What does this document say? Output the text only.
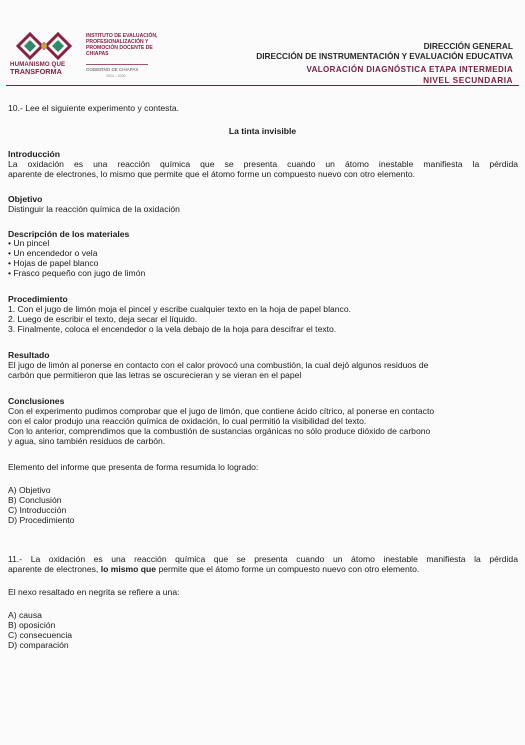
HUMANISMO QUE
TRANSFORMA
INSTITUTO DE EVALUACIÓN, PROFESIONALIZACIÓN Y PROMOCIÓN DOCENTE DE CHIAPAS
GOBIERNO DE CHIAPAS
2024 – 2030
DIRECCIÓN GENERAL
DIRECCIÓN DE INSTRUMENTACIÓN Y EVALUACIÓN EDUCATIVA
VALORACIÓN DIAGNÓSTICA ETAPA INTERMEDIA
NIVEL SECUNDARIA
10.- Lee el siguiente experimento y contesta.
La tinta invisible
Introducción
La oxidación es una reacción química que se presenta cuando un átomo inestable manifiesta la pérdida
aparente de electrones, lo mismo que permite que el átomo forme un compuesto nuevo con otro elemento.
Objetivo
Distinguir la reacción química de la oxidación
Descripción de los materiales
• Un pincel
• Un encendedor o vela
• Hojas de papel blanco
• Frasco pequeño con jugo de limón
Procedimiento
1. Con el jugo de limón moja el pincel y escribe cualquier texto en la hoja de papel blanco.
2. Luego de escribir el texto, deja secar el líquido.
3. Finalmente, coloca el encendedor o la vela debajo de la hoja para descifrar el texto.
Resultado
El jugo de limón al ponerse en contacto con el calor provocó una combustión, la cual dejó algunos residuos de
carbón que permitieron que las letras se oscurecieran y se vieran en el papel
Conclusiones
Con el experimento pudimos comprobar que el jugo de limón, que contiene ácido cítrico, al ponerse en contacto
con el calor produjo una reacción química de oxidación, lo cual permitió la visibilidad del texto.
Con lo anterior, comprendimos que la combustión de sustancias orgánicas no sólo produce dióxido de carbono
y agua, sino también residuos de carbón.
Elemento del informe que presenta de forma resumida lo logrado:
A) Objetivo
B) Conclusión
C) Introducción
D) Procedimiento
11.- La oxidación es una reacción química que se presenta cuando un átomo inestable manifiesta la pérdida
aparente de electrones, lo mismo que permite que el átomo forme un compuesto nuevo con otro elemento.
El nexo resaltado en negrita se refiere a una:
A) causa
B) oposición
C) consecuencia
D) comparación
